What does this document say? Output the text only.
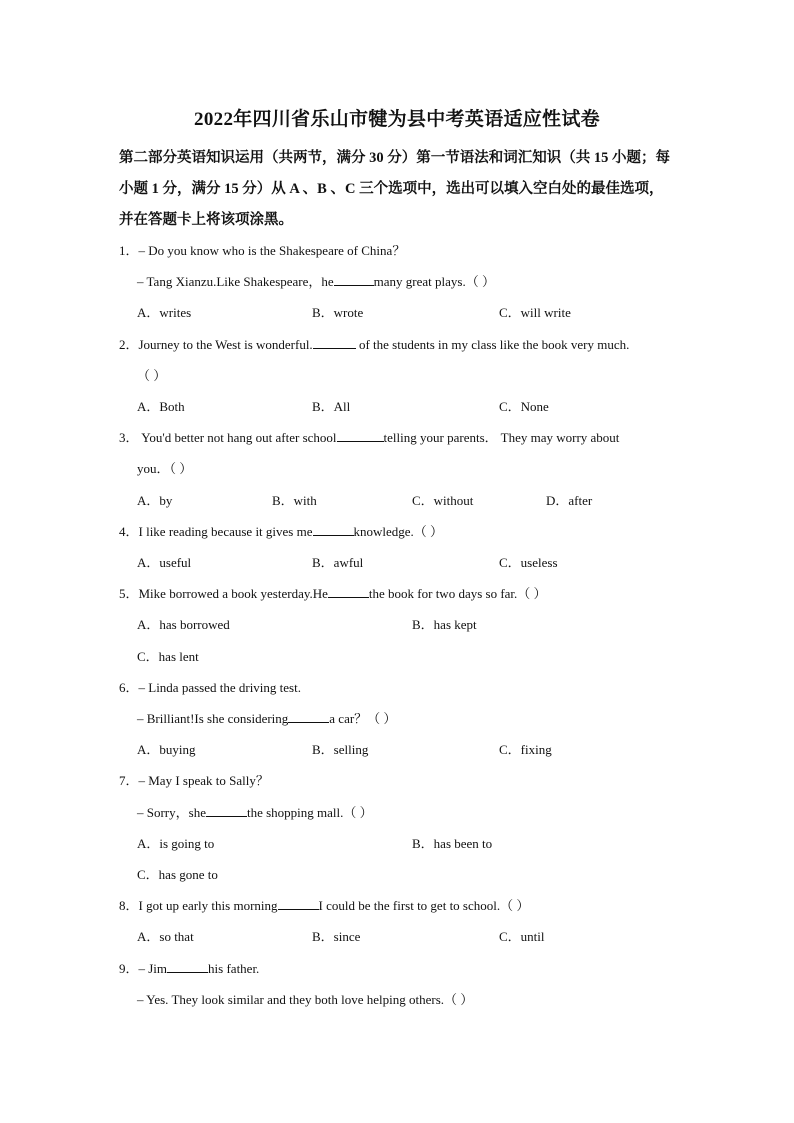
2022年四川省乐山市犍为县中考英语适应性试卷
第二部分英语知识运用（共两节，满分 30 分）第一节语法和词汇知识（共 15 小题；每
小题 1 分，满分 15 分）从 A 、B 、C 三个选项中，选出可以填入空白处的最佳选项，
并在答题卡上将该项涂黑。
1．– Do you know who is the Shakespeare of China？
– Tang Xianzu.Like Shakespeare，he	many great plays.（ ）
A．writes	B．wrote	C．will write
2．Journey to the West is wonderful.	of the students in my class like the book very much.
（ ）
A．Both	B．All	C．None
3． You'd better not hang out after school	telling your parents． They may worry about
you．（ ）
A．by	B．with	C．without	D．after
4．I like reading because it gives me	knowledge.（ ）
A．useful	B．awful	C．useless
5．Mike borrowed a book yesterday.He	the book for two days so far.（ ）
A．has borrowed	B．has kept
C．has lent
6．– Linda passed the driving test.
– Brilliant!Is she considering	a car？（ ）
A．buying	B．selling	C．fixing
7．– May I speak to Sally？
– Sorry，she	the shopping mall.（ ）
A．is going to	B．has been to
C．has gone to
8．I got up early this morning	I could be the first to get to school.（ ）
A．so that	B．since	C．until
9．– Jim	his father.
– Yes. They look similar and they both love helping others.（ ）
